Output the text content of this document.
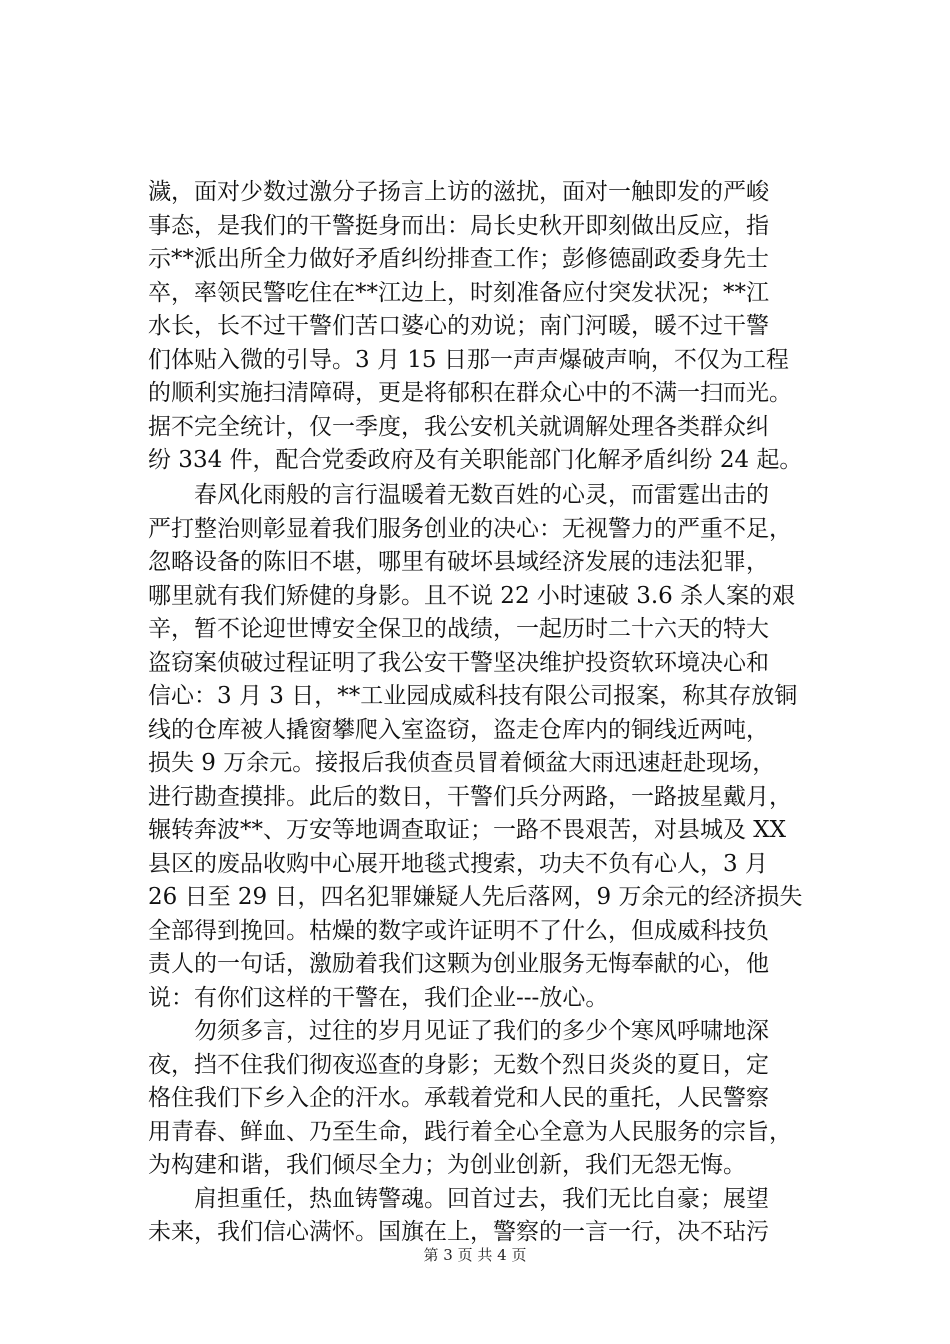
濊，面对少数过激分子扬言上访的滋扰，面对一触即发的严峻
事态，是我们的干警挺身而出：局长史秋开即刻做出反应，指
示**派出所全力做好矛盾纠纷排查工作；彭修德副政委身先士
卒，率领民警吃住在**江边上，时刻准备应付突发状况；**江
水长，长不过干警们苦口婆心的劝说；南门河暖，暖不过干警
们体贴入微的引导。3 月 15 日那一声声爆破声响，不仅为工程
的顺利实施扫清障碍，更是将郁积在群众心中的不满一扫而光。
据不完全统计，仅一季度，我公安机关就调解处理各类群众纠
纷 334 件，配合党委政府及有关职能部门化解矛盾纠纷 24 起。
　　春风化雨般的言行温暖着无数百姓的心灵，而雷霆出击的
严打整治则彰显着我们服务创业的决心：无视警力的严重不足，
忽略设备的陈旧不堪，哪里有破坏县域经济发展的违法犯罪，
哪里就有我们矫健的身影。且不说 22 小时速破 3.6 杀人案的艰
辛，暂不论迎世博安全保卫的战绩，一起历时二十六天的特大
盗窃案侦破过程证明了我公安干警坚决维护投资软环境决心和
信心：3 月 3 日，**工业园成威科技有限公司报案，称其存放铜
线的仓库被人撬窗攀爬入室盗窃，盗走仓库内的铜线近两吨，
损失 9 万余元。接报后我侦查员冒着倾盆大雨迅速赶赴现场，
进行勘查摸排。此后的数日，干警们兵分两路，一路披星戴月，
辗转奔波**、万安等地调查取证；一路不畏艰苦，对县城及 XX
县区的废品收购中心展开地毯式搜索，功夫不负有心人，3 月
26 日至 29 日，四名犯罪嫌疑人先后落网，9 万余元的经济损失
全部得到挽回。枯燥的数字或许证明不了什么，但成威科技负
责人的一句话，激励着我们这颗为创业服务无悔奉献的心，他
说：有你们这样的干警在，我们企业---放心。
　　勿须多言，过往的岁月见证了我们的多少个寒风呼啸地深
夜，挡不住我们彻夜巡查的身影；无数个烈日炎炎的夏日，定
格住我们下乡入企的汗水。承载着党和人民的重托，人民警察
用青春、鲜血、乃至生命，践行着全心全意为人民服务的宗旨，
为构建和谐，我们倾尽全力；为创业创新，我们无怨无悔。
　　肩担重任，热血铸警魂。回首过去，我们无比自豪；展望
未来，我们信心满怀。国旗在上，警察的一言一行，决不玷污
第 3 页 共 4 页
